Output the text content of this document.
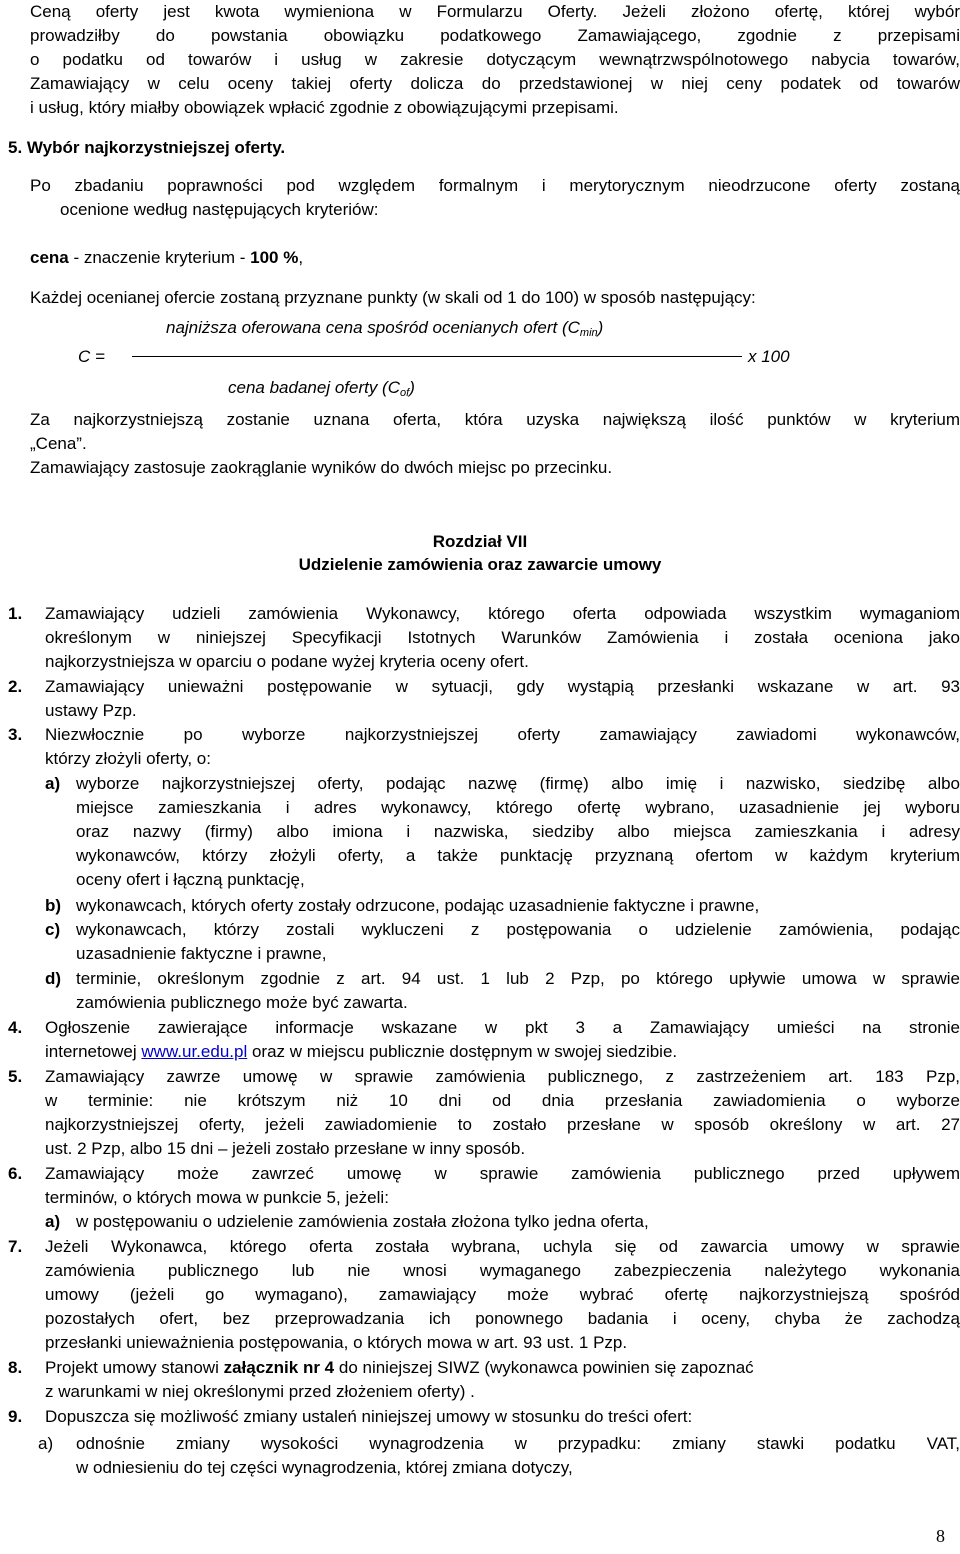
Ceną oferty jest kwota wymieniona w Formularzu Oferty. Jeżeli złożono ofertę, której wybór

prowadziłby do powstania obowiązku podatkowego Zamawiającego, zgodnie z przepisami

o podatku od towarów i usług w zakresie dotyczącym wewnątrzwspólnotowego nabycia towarów,

Zamawiający w celu oceny takiej oferty dolicza do przedstawionej w niej ceny podatek od towarów

i usług, który miałby obowiązek wpłacić zgodnie z obowiązującymi przepisami.

5. Wybór najkorzystniejszej oferty.

Po zbadaniu poprawności pod względem formalnym i merytorycznym nieodrzucone oferty zostaną

ocenione według następujących kryteriów:

cena - znaczenie kryterium - 100 %,
Każdej ocenianej ofercie zostaną przyznane punkty (w skali od 1 do 100) w sposób następujący:
najniższa oferowana cena spośród ocenianych ofert $(C_{min})$
C =	x 100
cena badanej oferty $(C_{of})$

Za najkorzystniejszą zostanie uznana oferta, która uzyska największą ilość punktów w kryterium

„Cena”.

Zamawiający zastosuje zaokrąglanie wyników do dwóch miejsc po przecinku.

Rozdział VII
Udzielenie zamówienia oraz zawarcie umowy
1. Zamawiający udzieli zamówienia Wykonawcy, którego oferta odpowiada wszystkim wymaganiom

określonym w niniejszej Specyfikacji Istotnych Warunków Zamówienia i została oceniona jako

najkorzystniejsza w oparciu o podane wyżej kryteria oceny ofert.

2. Zamawiający unieważni postępowanie w sytuacji, gdy wystąpią przesłanki wskazane w art. 93

ustawy Pzp.

3. Niezwłocznie po wyborze najkorzystniejszej oferty zamawiający zawiadomi wykonawców,

którzy złożyli oferty, o:

a) wyborze najkorzystniejszej oferty, podając nazwę (firmę) albo imię i nazwisko, siedzibę albo

miejsce zamieszkania i adres wykonawcy, którego ofertę wybrano, uzasadnienie jej wyboru

oraz nazwy (firmy) albo imiona i nazwiska, siedziby albo miejsca zamieszkania i adresy

wykonawców, którzy złożyli oferty, a także punktację przyznaną ofertom w każdym kryterium

oceny ofert i łączną punktację,

b) wykonawcach, których oferty zostały odrzucone, podając uzasadnienie faktyczne i prawne,

c) wykonawcach, którzy zostali wykluczeni z postępowania o udzielenie zamówienia, podając

uzasadnienie faktyczne i prawne,

d) terminie, określonym zgodnie z art. 94 ust. 1 lub 2 Pzp, po którego upływie umowa w sprawie

zamówienia publicznego może być zawarta.

4. Ogłoszenie zawierające informacje wskazane w pkt 3 a Zamawiający umieści na stronie

internetowej www.ur.edu.pl oraz w miejscu publicznie dostępnym w swojej siedzibie.
5. Zamawiający zawrze umowę w sprawie zamówienia publicznego, z zastrzeżeniem art. 183 Pzp,

w terminie: nie krótszym niż 10 dni od dnia przesłania zawiadomienia o wyborze

najkorzystniejszej oferty, jeżeli zawiadomienie to zostało przesłane w sposób określony w art. 27

ust. 2 Pzp, albo 15 dni – jeżeli zostało przesłane w inny sposób.

6. Zamawiający może zawrzeć umowę w sprawie zamówienia publicznego przed upływem

terminów, o których mowa w punkcie 5, jeżeli:

a) w postępowaniu o udzielenie zamówienia została złożona tylko jedna oferta,

7. Jeżeli Wykonawca, którego oferta została wybrana, uchyla się od zawarcia umowy w sprawie

zamówienia publicznego lub nie wnosi wymaganego zabezpieczenia należytego wykonania

umowy (jeżeli go wymagano), zamawiający może wybrać ofertę najkorzystniejszą spośród

pozostałych ofert, bez przeprowadzania ich ponownego badania i oceny, chyba że zachodzą

przesłanki unieważnienia postępowania, o których mowa w art. 93 ust. 1 Pzp.

8. Projekt umowy stanowi załącznik nr 4 do niniejszej SIWZ (wykonawca powinien się zapoznać

z warunkami w niej określonymi przed złożeniem oferty) .

9. Dopuszcza się możliwość zmiany ustaleń niniejszej umowy w stosunku do treści ofert:

a) odnośnie zmiany wysokości wynagrodzenia w przypadku: zmiany stawki podatku VAT,

w odniesieniu do tej części wynagrodzenia, której zmiana dotyczy,

8
